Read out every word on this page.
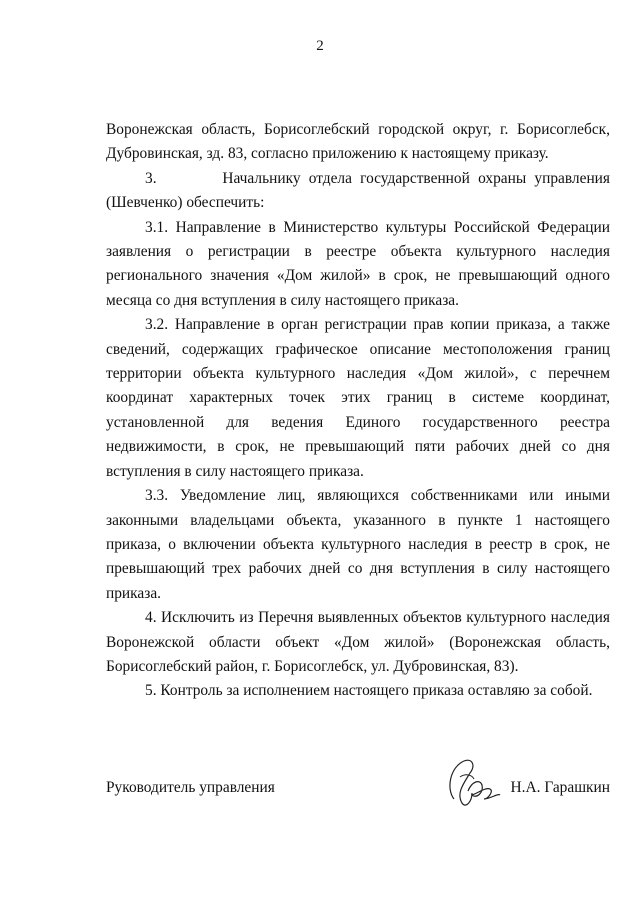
2

Воронежская область, Борисоглебский городской округ, г. Борисоглебск, Дубровинская, зд. 83, согласно приложению к настоящему приказу.

3.        Начальнику отдела государственной охраны управления (Шевченко) обеспечить:

3.1. Направление в Министерство культуры Российской Федерации заявления о регистрации в реестре объекта культурного наследия регионального значения «Дом жилой» в срок, не превышающий одного месяца со дня вступления в силу настоящего приказа.

3.2. Направление в орган регистрации прав копии приказа, а также сведений, содержащих графическое описание местоположения границ территории объекта культурного наследия «Дом жилой», с перечнем координат характерных точек этих границ в системе координат, установленной для ведения Единого государственного реестра недвижимости, в срок, не превышающий пяти рабочих дней со дня вступления в силу настоящего приказа.

3.3. Уведомление лиц, являющихся собственниками или иными законными владельцами объекта, указанного в пункте 1 настоящего приказа, о включении объекта культурного наследия в реестр в срок, не превышающий трех рабочих дней со дня вступления в силу настоящего приказа.

4. Исключить из Перечня выявленных объектов культурного наследия Воронежской области объект «Дом жилой» (Воронежская область, Борисоглебский район, г. Борисоглебск, ул. Дубровинская, 83).

5. Контроль за исполнением настоящего приказа оставляю за собой.

Руководитель управления	Н.А. Гарашкин
